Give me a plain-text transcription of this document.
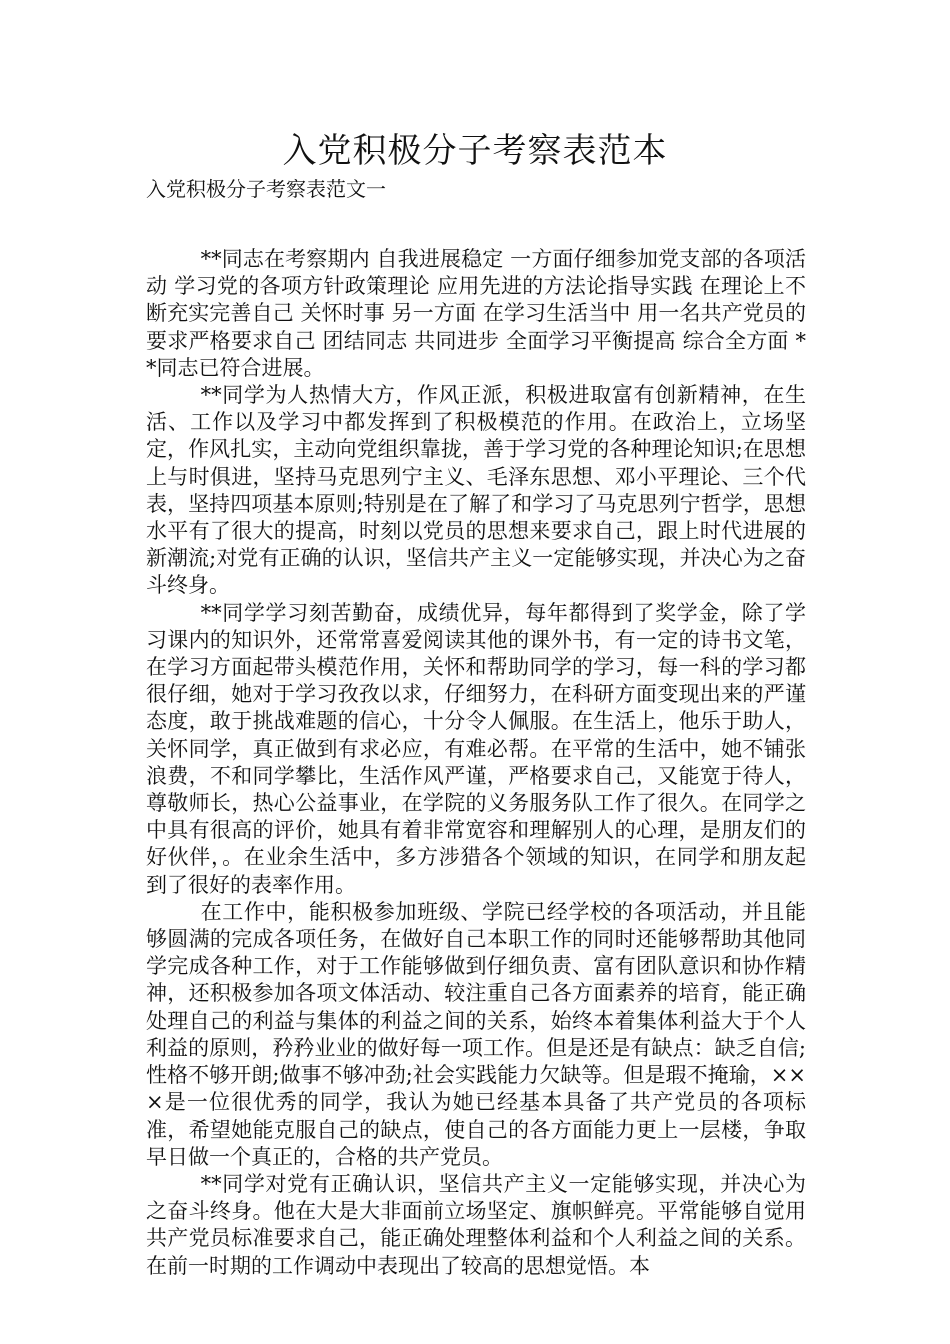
入党积极分子考察表范本
入党积极分子考察表范文一

**同志在考察期内 自我进展稳定 一方面仔细参加党支部的各项活动 学习党的各项方针政策理论 应用先进的方法论指导实践 在理论上不断充实完善自己 关怀时事 另一方面 在学习生活当中 用一名共产党员的要求严格要求自己 团结同志 共同进步 全面学习平衡提高 综合全方面 **同志已符合进展。

**同学为人热情大方，作风正派，积极进取富有创新精神，在生活、工作以及学习中都发挥到了积极模范的作用。在政治上，立场坚定，作风扎实，主动向党组织靠拢，善于学习党的各种理论知识;在思想上与时俱进，坚持马克思列宁主义、毛泽东思想、邓小平理论、三个代表，坚持四项基本原则;特别是在了解了和学习了马克思列宁哲学，思想水平有了很大的提高，时刻以党员的思想来要求自己，跟上时代进展的新潮流;对党有正确的认识，坚信共产主义一定能够实现，并决心为之奋斗终身。

**同学学习刻苦勤奋，成绩优异，每年都得到了奖学金，除了学习课内的知识外，还常常喜爱阅读其他的课外书，有一定的诗书文笔，在学习方面起带头模范作用，关怀和帮助同学的学习，每一科的学习都很仔细，她对于学习孜孜以求，仔细努力，在科研方面变现出来的严谨态度，敢于挑战难题的信心，十分令人佩服。在生活上，他乐于助人，关怀同学，真正做到有求必应，有难必帮。在平常的生活中，她不铺张浪费，不和同学攀比，生活作风严谨，严格要求自己，又能宽于待人，尊敬师长，热心公益事业，在学院的义务服务队工作了很久。在同学之中具有很高的评价，她具有着非常宽容和理解别人的心理，是朋友们的好伙伴，。在业余生活中，多方涉猎各个领域的知识，在同学和朋友起到了很好的表率作用。

在工作中，能积极参加班级、学院已经学校的各项活动，并且能够圆满的完成各项任务，在做好自己本职工作的同时还能够帮助其他同学完成各种工作，对于工作能够做到仔细负责、富有团队意识和协作精神，还积极参加各项文体活动、较注重自己各方面素养的培育，能正确处理自己的利益与集体的利益之间的关系，始终本着集体利益大于个人利益的原则，矜矜业业的做好每一项工作。但是还是有缺点：缺乏自信;性格不够开朗;做事不够冲劲;社会实践能力欠缺等。但是瑕不掩瑜，×××是一位很优秀的同学，我认为她已经基本具备了共产党员的各项标准，希望她能克服自己的缺点，使自己的各方面能力更上一层楼，争取早日做一个真正的，合格的共产党员。

**同学对党有正确认识，坚信共产主义一定能够实现，并决心为之奋斗终身。他在大是大非面前立场坚定、旗帜鲜亮。平常能够自觉用共产党员标准要求自己，能正确处理整体利益和个人利益之间的关系。在前一时期的工作调动中表现出了较高的思想觉悟。本
